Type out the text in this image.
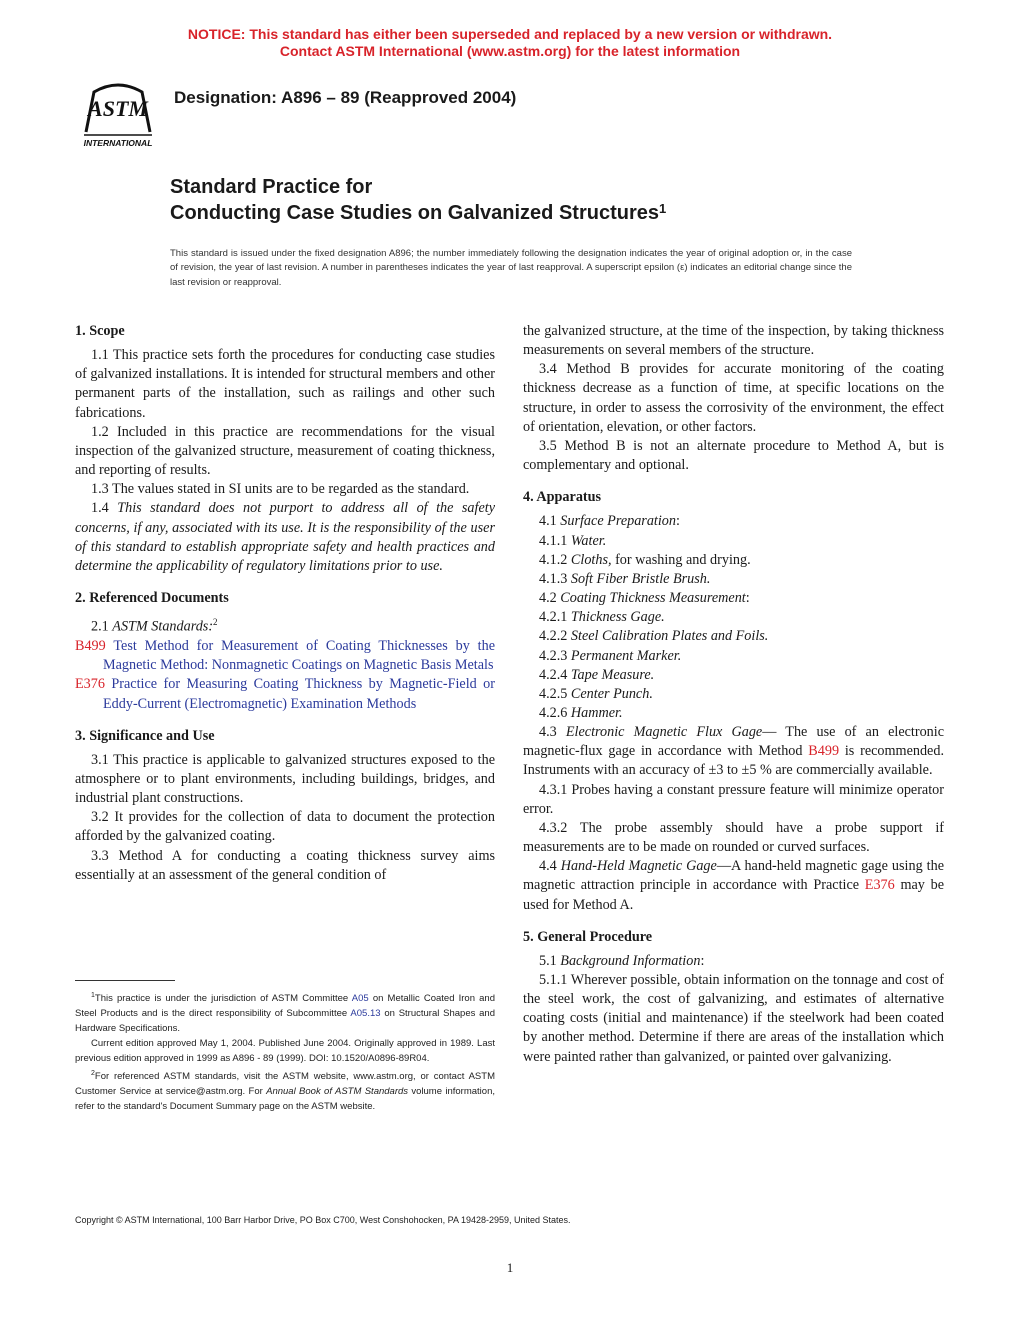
NOTICE: This standard has either been superseded and replaced by a new version or withdrawn.
Contact ASTM International (www.astm.org) for the latest information
ASTM
INTERNATIONAL
Designation: A896 – 89 (Reapproved 2004)
Standard Practice for
Conducting Case Studies on Galvanized Structures$^1$
This standard is issued under the fixed designation A896; the number immediately following the designation indicates the year of original adoption or, in the case of revision, the year of last revision. A number in parentheses indicates the year of last reapproval. A superscript epsilon (ε) indicates an editorial change since the last revision or reapproval.

1. Scope

1.1 This practice sets forth the procedures for conducting case studies of galvanized installations. It is intended for structural members and other permanent parts of the installation, such as railings and other such fabrications.

1.2 Included in this practice are recommendations for the visual inspection of the galvanized structure, measurement of coating thickness, and reporting of results.

1.3 The values stated in SI units are to be regarded as the standard.

1.4 This standard does not purport to address all of the safety concerns, if any, associated with its use. It is the responsibility of the user of this standard to establish appropriate safety and health practices and determine the applicability of regulatory limitations prior to use.

2. Referenced Documents

2.1 ASTM Standards:$^2$

B499 Test Method for Measurement of Coating Thicknesses by the Magnetic Method: Nonmagnetic Coatings on Magnetic Basis Metals

E376 Practice for Measuring Coating Thickness by Magnetic-Field or Eddy-Current (Electromagnetic) Examination Methods

3. Significance and Use

3.1 This practice is applicable to galvanized structures exposed to the atmosphere or to plant environments, including buildings, bridges, and industrial plant constructions.

3.2 It provides for the collection of data to document the protection afforded by the galvanized coating.

3.3 Method A for conducting a coating thickness survey aims essentially at an assessment of the general condition of

the galvanized structure, at the time of the inspection, by taking thickness measurements on several members of the structure.

3.4 Method B provides for accurate monitoring of the coating thickness decrease as a function of time, at specific locations on the structure, in order to assess the corrosivity of the environment, the effect of orientation, elevation, or other factors.

3.5 Method B is not an alternate procedure to Method A, but is complementary and optional.

4. Apparatus

4.1 Surface Preparation:

4.1.1 Water.

4.1.2 Cloths, for washing and drying.

4.1.3 Soft Fiber Bristle Brush.

4.2 Coating Thickness Measurement:

4.2.1 Thickness Gage.

4.2.2 Steel Calibration Plates and Foils.

4.2.3 Permanent Marker.

4.2.4 Tape Measure.

4.2.5 Center Punch.

4.2.6 Hammer.

4.3 Electronic Magnetic Flux Gage— The use of an electronic magnetic-flux gage in accordance with Method B499 is recommended. Instruments with an accuracy of ±3 to ±5 % are commercially available.

4.3.1 Probes having a constant pressure feature will minimize operator error.

4.3.2 The probe assembly should have a probe support if measurements are to be made on rounded or curved surfaces.

4.4 Hand-Held Magnetic Gage—A hand-held magnetic gage using the magnetic attraction principle in accordance with Practice E376 may be used for Method A.

5. General Procedure

5.1 Background Information:

5.1.1 Wherever possible, obtain information on the tonnage and cost of the steel work, the cost of galvanizing, and estimates of alternative coating costs (initial and maintenance) if the steelwork had been coated by another method. Determine if there are areas of the installation which were painted rather than galvanized, or painted over galvanizing.

$^1$This practice is under the jurisdiction of ASTM Committee A05 on Metallic Coated Iron and Steel Products and is the direct responsibility of Subcommittee A05.13 on Structural Shapes and Hardware Specifications.

Current edition approved May 1, 2004. Published June 2004. Originally approved in 1989. Last previous edition approved in 1999 as A896 - 89 (1999). DOI: 10.1520/A0896-89R04.

$^2$For referenced ASTM standards, visit the ASTM website, www.astm.org, or contact ASTM Customer Service at service@astm.org. For Annual Book of ASTM Standards volume information, refer to the standard's Document Summary page on the ASTM website.

Copyright © ASTM International, 100 Barr Harbor Drive, PO Box C700, West Conshohocken, PA 19428-2959, United States.
1
